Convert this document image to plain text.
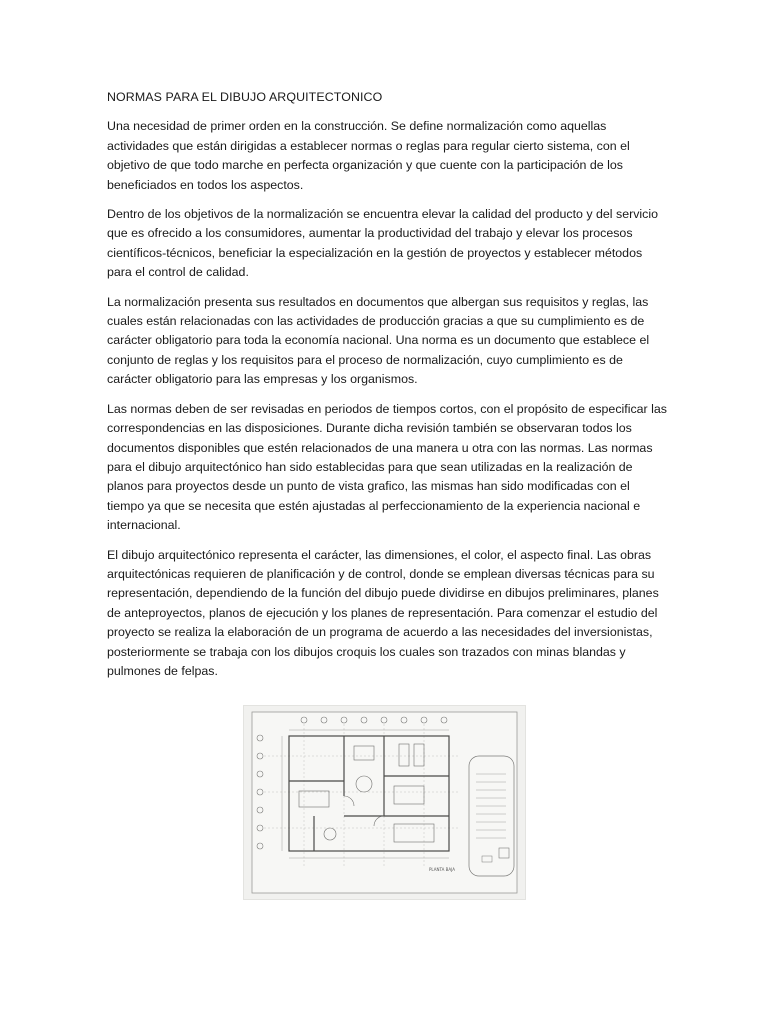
NORMAS PARA EL DIBUJO ARQUITECTONICO

Una necesidad de primer orden en la construcción. Se define normalización como aquellas actividades que están dirigidas a establecer normas o reglas para regular cierto sistema, con el objetivo de que todo marche en perfecta organización y que cuente con la participación de los beneficiados en todos los aspectos.

Dentro de los objetivos de la normalización se encuentra elevar la calidad del producto y del servicio que es ofrecido a los consumidores, aumentar la productividad del trabajo y elevar los procesos científicos-técnicos, beneficiar la especialización en la gestión de proyectos y establecer métodos para el control de calidad.

La normalización presenta sus resultados en documentos que albergan sus requisitos y reglas, las cuales están relacionadas con las actividades de producción gracias a que su cumplimiento es de carácter obligatorio para toda la economía nacional. Una norma es un documento que establece el conjunto de reglas y los requisitos para el proceso de normalización, cuyo cumplimiento es de carácter obligatorio para las empresas y los organismos.

Las normas deben de ser revisadas en periodos de tiempos cortos, con el propósito de especificar las correspondencias en las disposiciones. Durante dicha revisión también se observaran todos los documentos disponibles que estén relacionados de una manera u otra con las normas. Las normas para el dibujo arquitectónico han sido establecidas para que sean utilizadas en la realización de planos para proyectos desde un punto de vista grafico, las mismas han sido modificadas con el tiempo ya que se necesita que estén ajustadas al perfeccionamiento de la experiencia nacional e internacional.

El dibujo arquitectónico representa el carácter, las dimensiones, el color, el aspecto final. Las obras arquitectónicas requieren de planificación y de control, donde se emplean diversas técnicas para su representación, dependiendo de la función del dibujo puede dividirse en dibujos preliminares, planes de anteproyectos, planos de ejecución y los planes de representación. Para comenzar el estudio del proyecto se realiza la elaboración de un programa de acuerdo a las necesidades del inversionistas, posteriormente se trabaja con los dibujos croquis los cuales son trazados con minas blandas y pulmones de felpas.

PLANTA BAJA
